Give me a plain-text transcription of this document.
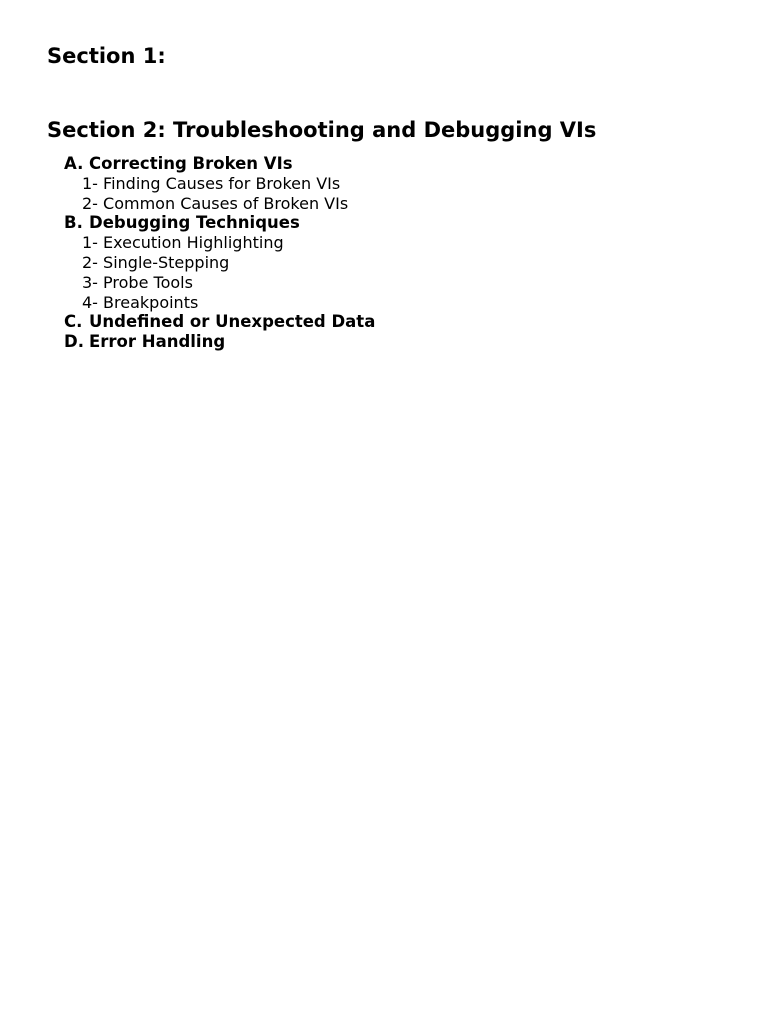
Section 1:
Section 2: Troubleshooting and Debugging VIs
A. Correcting Broken VIs
1- Finding Causes for Broken VIs
2- Common Causes of Broken VIs
B. Debugging Techniques
1- Execution Highlighting
2- Single-Stepping
3- Probe Tools
4- Breakpoints
C. Undefined or Unexpected Data
D. Error Handling
